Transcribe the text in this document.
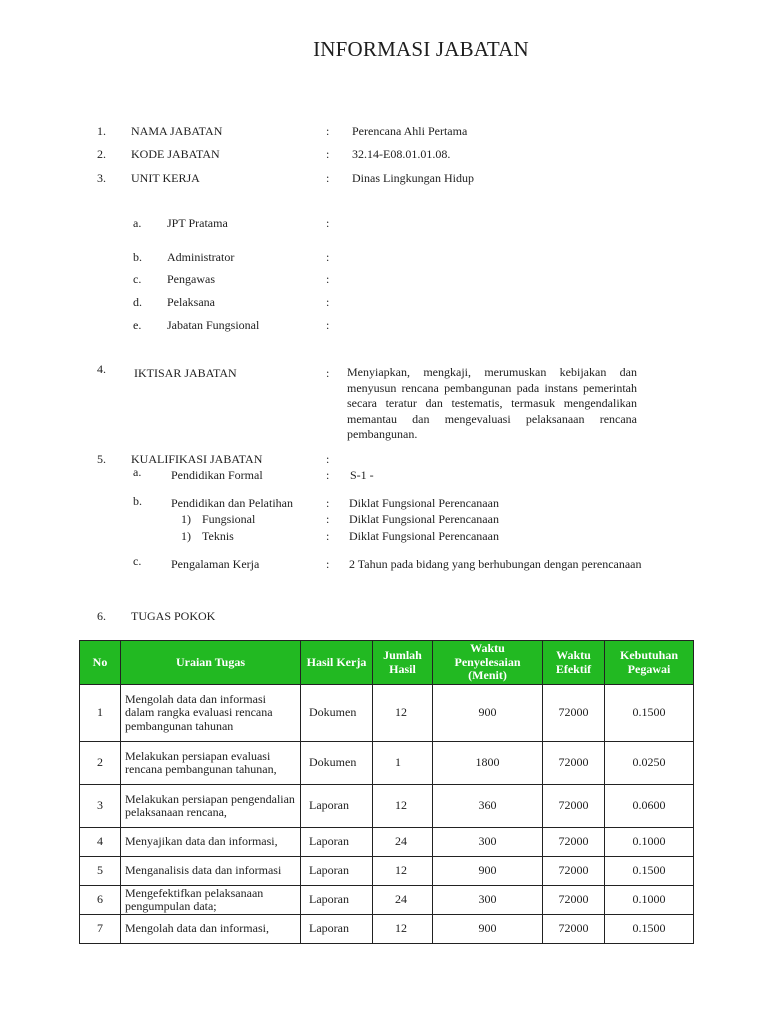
INFORMASI JABATAN
1. NAMA JABATAN	: Perencana Ahli Pertama
2. KODE JABATAN	: 32.14-E08.01.01.08.
3. UNIT KERJA	: Dinas Lingkungan Hidup
a. JPT Pratama	:
b. Administrator	:
c. Pengawas	:
d. Pelaksana	:
e. Jabatan Fungsional	:
4. IKTISAR JABATAN	: Menyiapkan, mengkaji, merumuskan kebijakan dan menyusun rencana pembangunan pada instans pemerintah secara teratur dan testematis, termasuk mengendalikan memantau dan mengevaluasi pelaksanaan rencana pembangunan.
5. KUALIFIKASI JABATAN	:
a. Pendidikan Formal	: S-1 -
b. Pendidikan dan Pelatihan	: Diklat Fungsional Perencanaan
1) Fungsional	: Diklat Fungsional Perencanaan
1) Teknis	: Diklat Fungsional Perencanaan
c. Pengalaman Kerja	: 2 Tahun pada bidang yang berhubungan dengan perencanaan
6. TUGAS POKOK
No	Uraian Tugas	Hasil Kerja	Jumlah Hasil	Waktu Penyelesaian (Menit)	Waktu Efektif	Kebutuhan Pegawai
1	Mengolah data dan informasi dalam rangka evaluasi rencana pembangunan tahunan	Dokumen	12	900	72000	0.1500
2	Melakukan persiapan evaluasi rencana pembangunan tahunan,	Dokumen	1	1800	72000	0.0250
3	Melakukan persiapan pengendalian pelaksanaan rencana,	Laporan	12	360	72000	0.0600
4	Menyajikan data dan informasi,	Laporan	24	300	72000	0.1000
5	Menganalisis data dan informasi	Laporan	12	900	72000	0.1500
6	Mengefektifkan pelaksanaan pengumpulan data;	Laporan	24	300	72000	0.1000
7	Mengolah data dan informasi,	Laporan	12	900	72000	0.1500
